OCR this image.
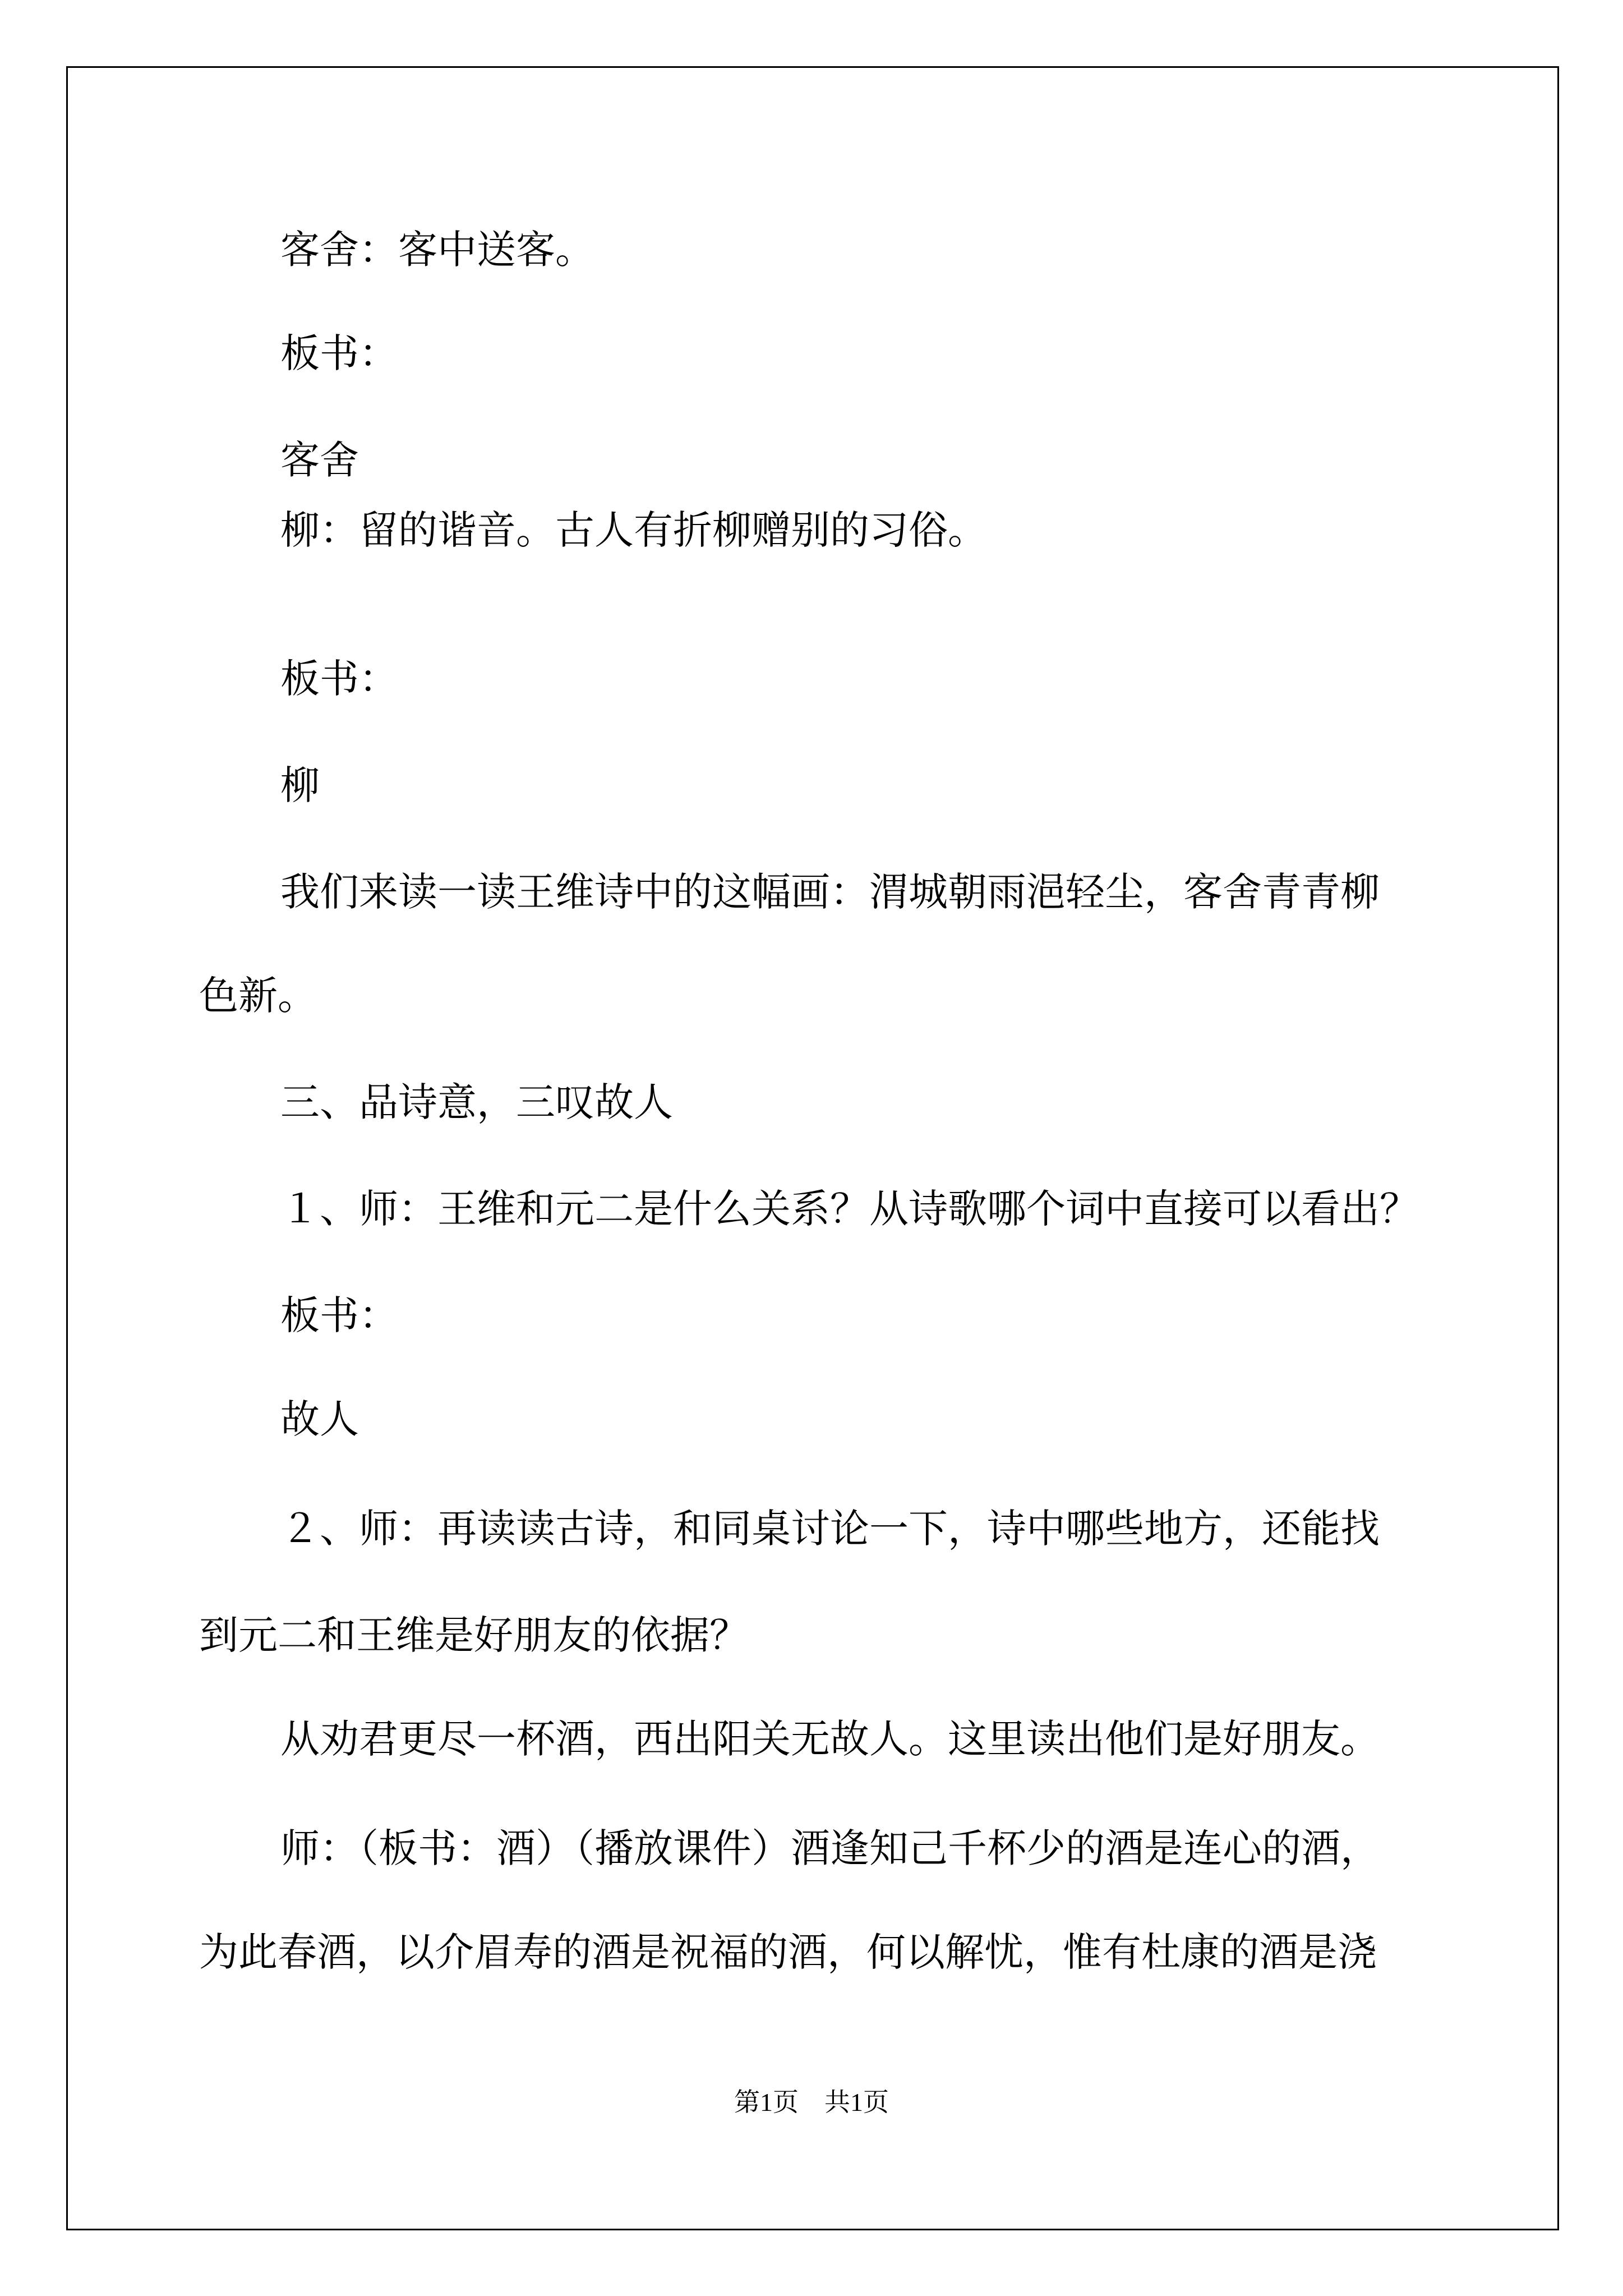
客舍：客中送客。
板书：
客舍
柳：留的谐音。古人有折柳赠别的习俗。
板书：
柳
我们来读一读王维诗中的这幅画：渭城朝雨浥轻尘，客舍青青柳
色新。
三、品诗意，三叹故人
１、师：王维和元二是什么关系？从诗歌哪个词中直接可以看出？
板书：
故人
２、师：再读读古诗，和同桌讨论一下，诗中哪些地方，还能找
到元二和王维是好朋友的依据？
从劝君更尽一杯酒，西出阳关无故人。这里读出他们是好朋友。
师：（板书：酒）（播放课件）酒逢知己千杯少的酒是连心的酒，
为此春酒，以介眉寿的酒是祝福的酒，何以解忧，惟有杜康的酒是浇
第1页　共1页
